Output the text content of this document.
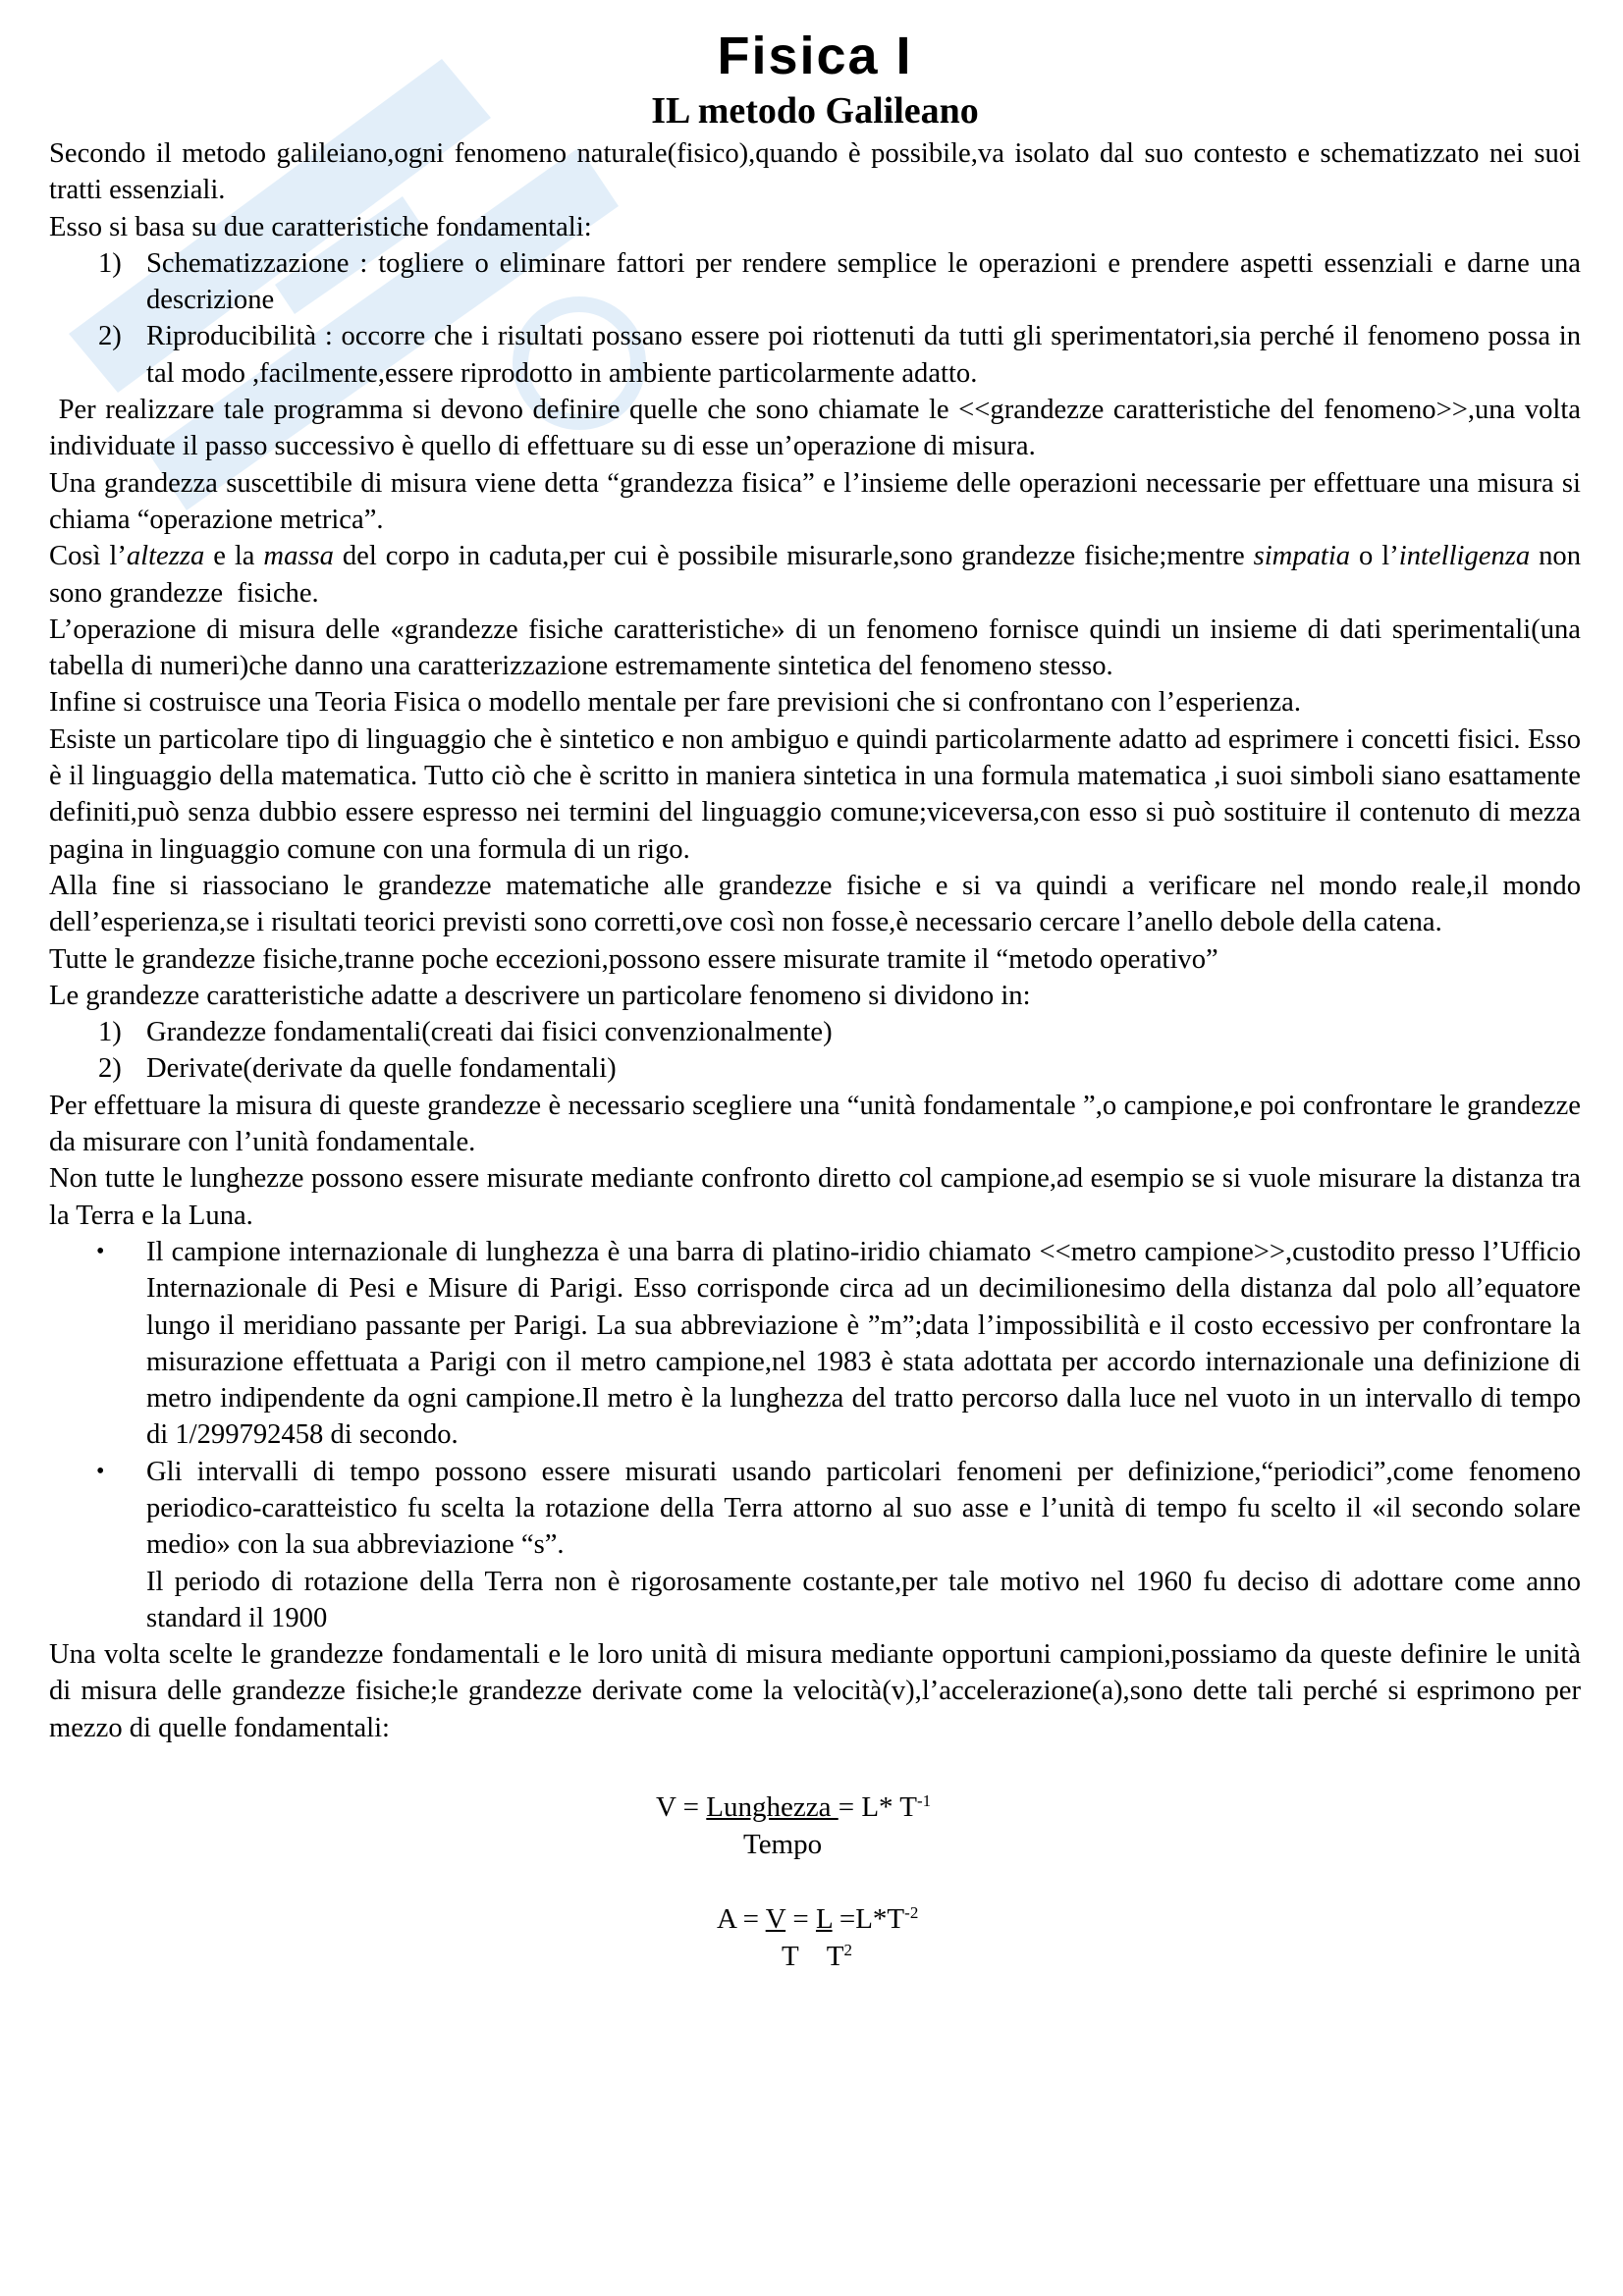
Fisica I
IL metodo Galileano

Secondo il metodo galileiano,ogni fenomeno naturale(fisico),quando è possibile,va isolato dal suo contesto e schematizzato nei suoi tratti essenziali.

Esso si basa su due caratteristiche fondamentali:

1) Schematizzazione : togliere o eliminare fattori per rendere semplice le operazioni e prendere aspetti essenziali e darne una descrizione
2) Riproducibilità : occorre che i risultati possano essere poi riottenuti da tutti gli sperimentatori,sia perché il fenomeno possa in tal modo ,facilmente,essere riprodotto in ambiente particolarmente adatto.

Per realizzare tale programma si devono definire quelle che sono chiamate le <<grandezze caratteristiche del fenomeno>>,una volta individuate il passo successivo è quello di effettuare su di esse un’operazione di misura.

Una grandezza suscettibile di misura viene detta “grandezza fisica” e l’insieme delle operazioni necessarie per effettuare una misura si chiama “operazione metrica”.

Così l’altezza e la massa del corpo in caduta,per cui è possibile misurarle,sono grandezze fisiche;mentre simpatia o l’intelligenza non sono grandezze  fisiche.

L’operazione di misura delle «grandezze fisiche caratteristiche» di un fenomeno fornisce quindi un insieme di dati sperimentali(una tabella di numeri)che danno una caratterizzazione estremamente sintetica del fenomeno stesso.

Infine si costruisce una Teoria Fisica o modello mentale per fare previsioni che si confrontano con l’esperienza.

Esiste un particolare tipo di linguaggio che è sintetico e non ambiguo e quindi particolarmente adatto ad esprimere i concetti fisici. Esso è il linguaggio della matematica. Tutto ciò che è scritto in maniera sintetica in una formula matematica ,i suoi simboli siano esattamente definiti,può senza dubbio essere espresso nei termini del linguaggio comune;viceversa,con esso si può sostituire il contenuto di mezza pagina in linguaggio comune con una formula di un rigo.

Alla fine si riassociano le grandezze matematiche alle grandezze fisiche e si va quindi a verificare nel mondo reale,il mondo dell’esperienza,se i risultati teorici previsti sono corretti,ove così non fosse,è necessario cercare l’anello debole della catena.

Tutte le grandezze fisiche,tranne poche eccezioni,possono essere misurate tramite il “metodo operativo”

Le grandezze caratteristiche adatte a descrivere un particolare fenomeno si dividono in:

1) Grandezze fondamentali(creati dai fisici convenzionalmente)
2) Derivate(derivate da quelle fondamentali)

Per effettuare la misura di queste grandezze è necessario scegliere una “unità fondamentale ”,o campione,e poi confrontare le grandezze da misurare con l’unità fondamentale.

Non tutte le lunghezze possono essere misurate mediante confronto diretto col campione,ad esempio se si vuole misurare la distanza tra la Terra e la Luna.

• Il campione internazionale di lunghezza è una barra di platino-iridio chiamato <<metro campione>>,custodito presso l’Ufficio Internazionale di Pesi e Misure di Parigi. Esso corrisponde circa ad un decimilionesimo della distanza dal polo all’equatore lungo il meridiano passante per Parigi. La sua abbreviazione è ”m”;data l’impossibilità e il costo eccessivo per confrontare la misurazione effettuata a Parigi con il metro campione,nel 1983 è stata adottata per accordo internazionale una definizione di metro indipendente da ogni campione.Il metro è la lunghezza del tratto percorso dalla luce nel vuoto in un intervallo di tempo di 1/299792458 di secondo.
• Gli intervalli di tempo possono essere misurati usando particolari fenomeni per definizione,“periodici”,come fenomeno periodico-caratteistico fu scelta la rotazione della Terra attorno al suo asse e l’unità di tempo fu scelto il «il secondo solare medio» con la sua abbreviazione “s”.
Il periodo di rotazione della Terra non è rigorosamente costante,per tale motivo nel 1960 fu deciso di adottare come anno standard il 1900

Una volta scelte le grandezze fondamentali e le loro unità di misura mediante opportuni campioni,possiamo da queste definire le unità di misura delle grandezze fisiche;le grandezze derivate come la velocità(v),l’accelerazione(a),sono dette tali perché si esprimono per mezzo di quelle fondamentali:

V = Lunghezza = L* $T^{-1}$
Tempo
$A = V = L =L*T^{-2}$
T $T^2$
